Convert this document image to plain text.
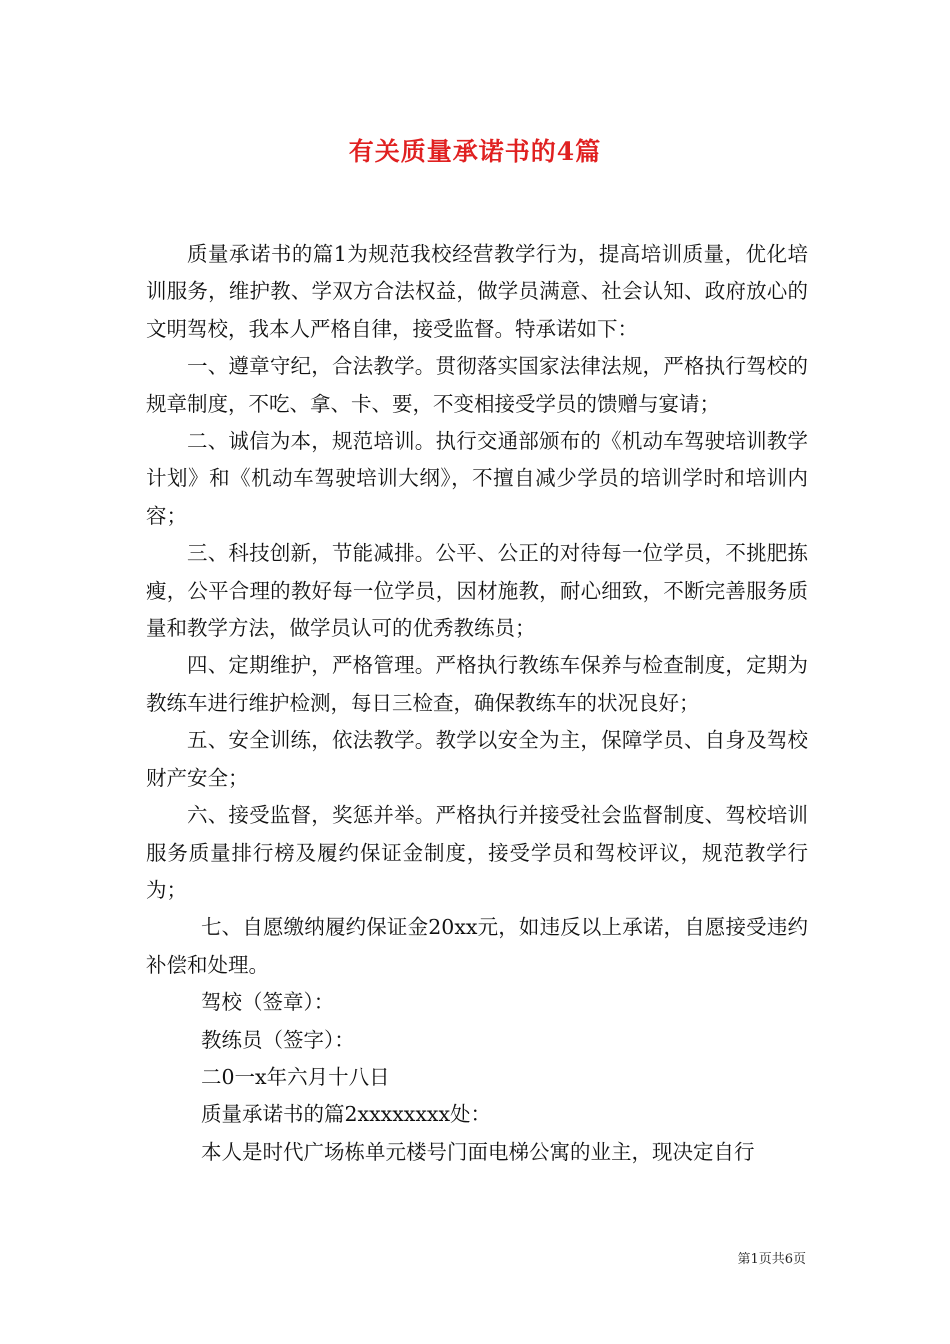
有关质量承诺书的4篇

质量承诺书的篇1为规范我校经营教学行为，提高培训质量，优化培训服务，维护教、学双方合法权益，做学员满意、社会认知、政府放心的文明驾校，我本人严格自律，接受监督。特承诺如下：

一、遵章守纪，合法教学。贯彻落实国家法律法规，严格执行驾校的规章制度，不吃、拿、卡、要，不变相接受学员的馈赠与宴请；

二、诚信为本，规范培训。执行交通部颁布的《机动车驾驶培训教学计划》和《机动车驾驶培训大纲》，不擅自减少学员的培训学时和培训内容；

三、科技创新，节能减排。公平、公正的对待每一位学员，不挑肥拣瘦，公平合理的教好每一位学员，因材施教，耐心细致，不断完善服务质量和教学方法，做学员认可的优秀教练员；

四、定期维护，严格管理。严格执行教练车保养与检查制度，定期为教练车进行维护检测，每日三检查，确保教练车的状况良好；

五、安全训练，依法教学。教学以安全为主，保障学员、自身及驾校财产安全；

六、接受监督，奖惩并举。严格执行并接受社会监督制度、驾校培训服务质量排行榜及履约保证金制度，接受学员和驾校评议，规范教学行为；

七、自愿缴纳履约保证金20xx元，如违反以上承诺，自愿接受违约补偿和处理。

驾校（签章）：

教练员（签字）：

二0一x年六月十八日

质量承诺书的篇2xxxxxxxx处：

本人是时代广场栋单元楼号门面电梯公寓的业主，现决定自行

第1页共6页
